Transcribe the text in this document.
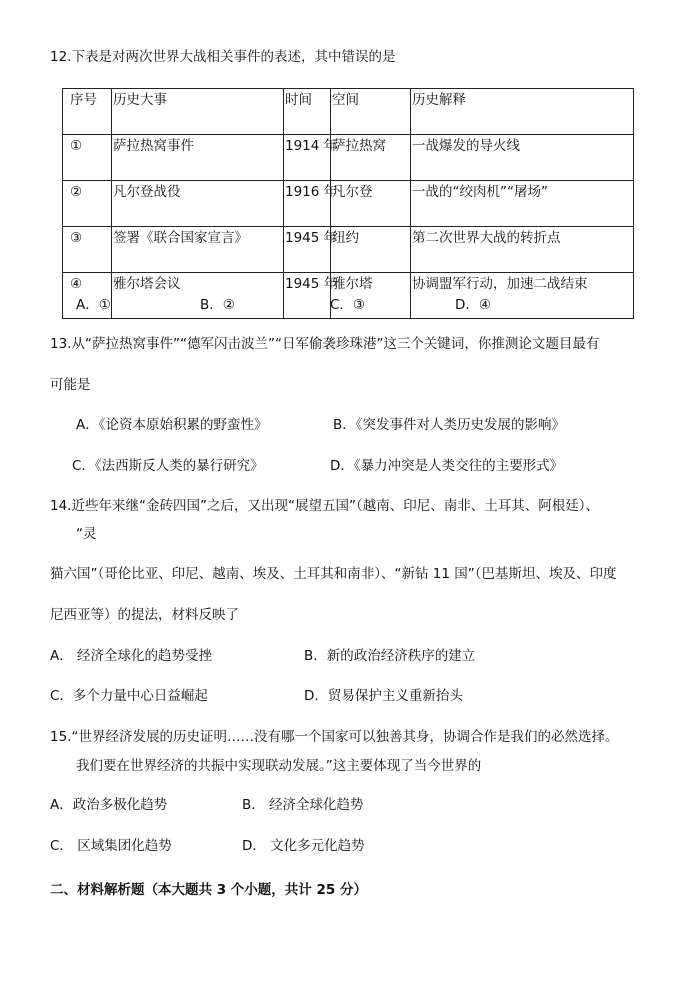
12.下表是对两次世界大战相关事件的表述，其中错误的是
序号	历史大事	时间	空间	历史解释
①	萨拉热窝事件	1914 年	萨拉热窝	一战爆发的导火线
②	凡尔登战役	1916 年	凡尔登	一战的“绞肉机”“屠场”
③	签署《联合国家宣言》	1945 年	纽约	第二次世界大战的转折点
④	雅尔塔会议	1945 年	雅尔塔	协调盟军行动，加速二战结束
A．①	B．②	C．③	D．④
13.从“萨拉热窝事件”“德军闪击波兰”“日军偷袭珍珠港”这三个关键词，你推测论文题目最有
可能是
A．《论资本原始积累的野蛮性》	B．《突发事件对人类历史发展的影响》
C．《法西斯反人类的暴行研究》	D．《暴力冲突是人类交往的主要形式》
14.近些年来继“金砖四国”之后，又出现“展望五国”（越南、印尼、南非、土耳其、阿根廷）、
“灵
猫六国”（哥伦比亚、印尼、越南、埃及、土耳其和南非）、“新钻 11 国”（巴基斯坦、埃及、印度
尼西亚等）的提法，材料反映了
A． 经济全球化的趋势受挫	B．新的政治经济秩序的建立
C．多个力量中心日益崛起	D．贸易保护主义重新抬头
15.“世界经济发展的历史证明……没有哪一个国家可以独善其身，协调合作是我们的必然选择。
我们要在世界经济的共振中实现联动发展。”这主要体现了当今世界的
A．政治多极化趋势	B． 经济全球化趋势
C． 区域集团化趋势	D． 文化多元化趋势
二、材料解析题（本大题共 3 个小题，共计 25 分）
